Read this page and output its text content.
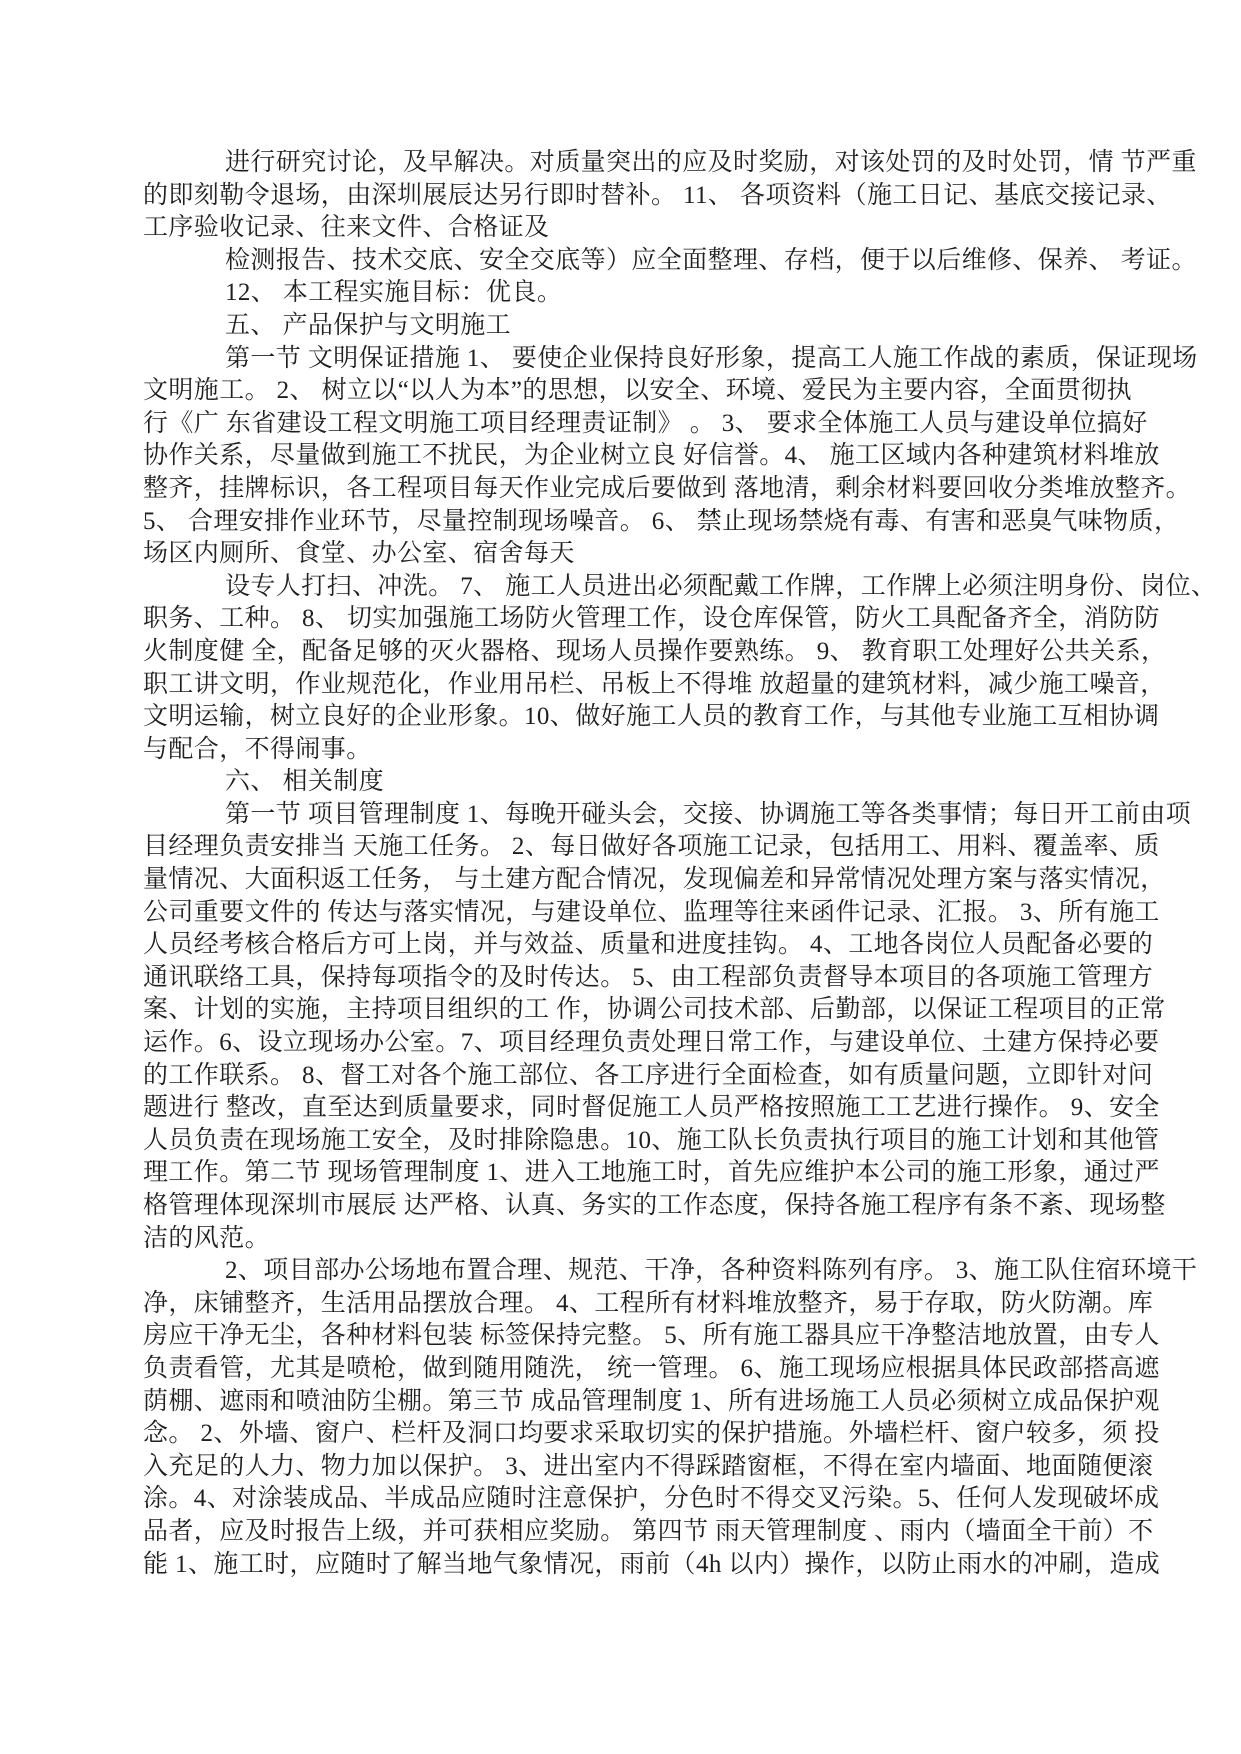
进行研究讨论，及早解决。对质量突出的应及时奖励，对该处罚的及时处罚，情 节严重
的即刻勒令退场，由深圳展辰达另行即时替补。 11、 各项资料（施工日记、基底交接记录、
工序验收记录、往来文件、合格证及
检测报告、技术交底、安全交底等）应全面整理、存档，便于以后维修、保养、 考证。
12、 本工程实施目标：优良。
五、 产品保护与文明施工
第一节 文明保证措施 1、 要使企业保持良好形象，提高工人施工作战的素质，保证现场
文明施工。 2、 树立以“以人为本”的思想，以安全、环境、爱民为主要内容，全面贯彻执
行《广 东省建设工程文明施工项目经理责证制》 。 3、 要求全体施工人员与建设单位搞好
协作关系，尽量做到施工不扰民，为企业树立良 好信誉。4、 施工区域内各种建筑材料堆放
整齐，挂牌标识，各工程项目每天作业完成后要做到 落地清，剩余材料要回收分类堆放整齐。
5、 合理安排作业环节，尽量控制现场噪音。 6、 禁止现场禁烧有毒、有害和恶臭气味物质，
场区内厕所、食堂、办公室、宿舍每天
设专人打扫、冲洗。 7、 施工人员进出必须配戴工作牌，工作牌上必须注明身份、岗位、
职务、工种。 8、 切实加强施工场防火管理工作，设仓库保管，防火工具配备齐全，消防防
火制度健 全，配备足够的灭火器格、现场人员操作要熟练。 9、 教育职工处理好公共关系，
职工讲文明，作业规范化，作业用吊栏、吊板上不得堆 放超量的建筑材料，减少施工噪音，
文明运输，树立良好的企业形象。10、做好施工人员的教育工作，与其他专业施工互相协调
与配合，不得闹事。
六、 相关制度
第一节 项目管理制度 1、每晚开碰头会，交接、协调施工等各类事情；每日开工前由项
目经理负责安排当 天施工任务。 2、每日做好各项施工记录，包括用工、用料、覆盖率、质
量情况、大面积返工任务， 与土建方配合情况，发现偏差和异常情况处理方案与落实情况，
公司重要文件的 传达与落实情况，与建设单位、监理等往来函件记录、汇报。 3、所有施工
人员经考核合格后方可上岗，并与效益、质量和进度挂钩。 4、工地各岗位人员配备必要的
通讯联络工具，保持每项指令的及时传达。 5、由工程部负责督导本项目的各项施工管理方
案、计划的实施，主持项目组织的工 作，协调公司技术部、后勤部，以保证工程项目的正常
运作。6、设立现场办公室。7、项目经理负责处理日常工作，与建设单位、土建方保持必要
的工作联系。 8、督工对各个施工部位、各工序进行全面检查，如有质量问题，立即针对问
题进行 整改，直至达到质量要求，同时督促施工人员严格按照施工工艺进行操作。 9、安全
人员负责在现场施工安全，及时排除隐患。10、施工队长负责执行项目的施工计划和其他管
理工作。第二节 现场管理制度 1、进入工地施工时，首先应维护本公司的施工形象，通过严
格管理体现深圳市展辰 达严格、认真、务实的工作态度，保持各施工程序有条不紊、现场整
洁的风范。
2、项目部办公场地布置合理、规范、干净，各种资料陈列有序。 3、施工队住宿环境干
净，床铺整齐，生活用品摆放合理。 4、工程所有材料堆放整齐，易于存取，防火防潮。库
房应干净无尘，各种材料包装 标签保持完整。 5、所有施工器具应干净整洁地放置，由专人
负责看管，尤其是喷枪，做到随用随洗， 统一管理。 6、施工现场应根据具体民政部搭高遮
荫棚、遮雨和喷油防尘棚。第三节 成品管理制度 1、所有进场施工人员必须树立成品保护观
念。 2、外墙、窗户、栏杆及洞口均要求采取切实的保护措施。外墙栏杆、窗户较多，须 投
入充足的人力、物力加以保护。 3、进出室内不得踩踏窗框，不得在室内墙面、地面随便滚
涂。4、对涂装成品、半成品应随时注意保护，分色时不得交叉污染。5、任何人发现破坏成
品者，应及时报告上级，并可获相应奖励。 第四节 雨天管理制度 、雨内（墙面全干前）不
能 1、施工时，应随时了解当地气象情况，雨前（4h 以内）操作，以防止雨水的冲刷，造成
